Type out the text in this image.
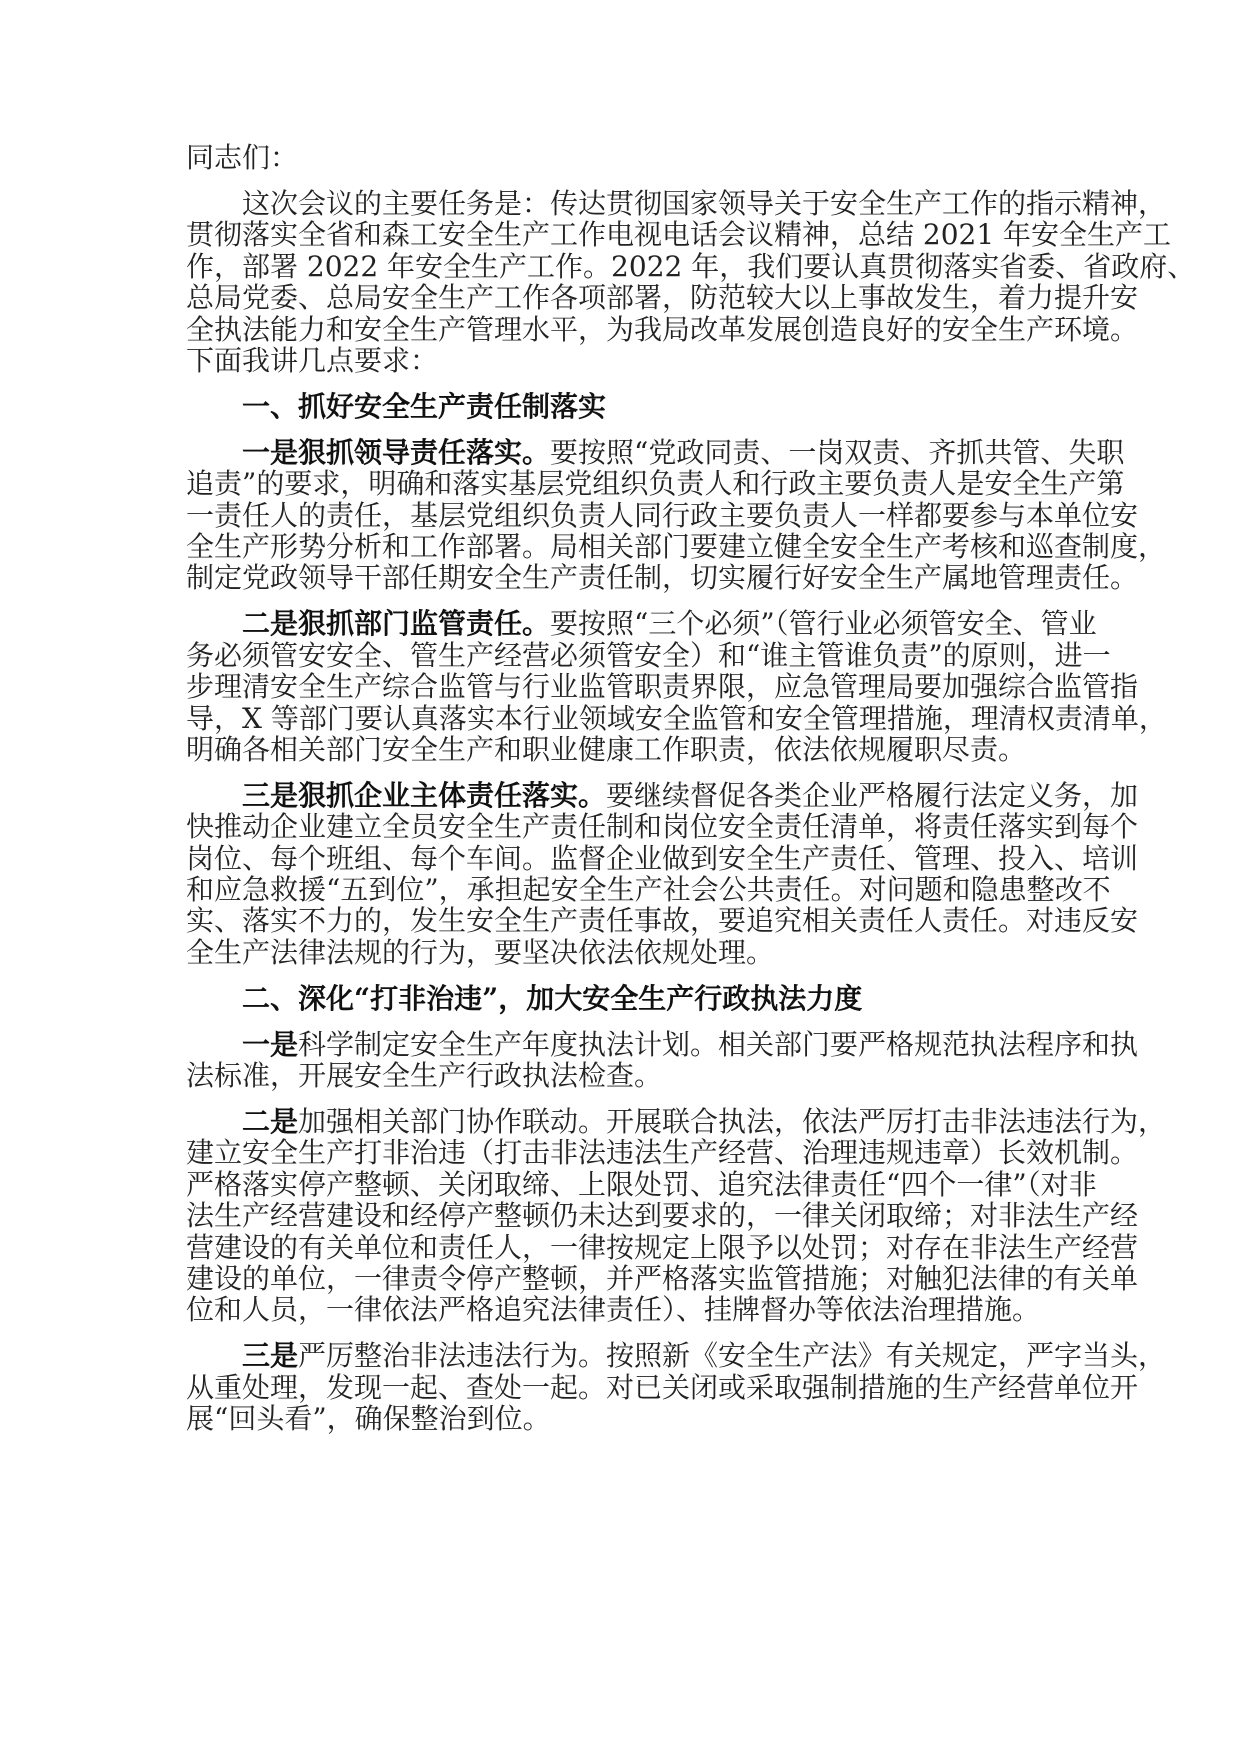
同志们：
这次会议的主要任务是：传达贯彻国家领导关于安全生产工作的指示精神，
贯彻落实全省和森工安全生产工作电视电话会议精神，总结 2021 年安全生产工
作，部署 2022 年安全生产工作。2022 年，我们要认真贯彻落实省委、省政府、
总局党委、总局安全生产工作各项部署，防范较大以上事故发生，着力提升安
全执法能力和安全生产管理水平，为我局改革发展创造良好的安全生产环境。
下面我讲几点要求：
一、抓好安全生产责任制落实
一是狠抓领导责任落实。要按照“党政同责、一岗双责、齐抓共管、失职
追责”的要求，明确和落实基层党组织负责人和行政主要负责人是安全生产第
一责任人的责任，基层党组织负责人同行政主要负责人一样都要参与本单位安
全生产形势分析和工作部署。局相关部门要建立健全安全生产考核和巡查制度，
制定党政领导干部任期安全生产责任制，切实履行好安全生产属地管理责任。
二是狠抓部门监管责任。要按照“三个必须”（管行业必须管安全、管业
务必须管安安全、管生产经营必须管安全）和“谁主管谁负责”的原则，进一
步理清安全生产综合监管与行业监管职责界限，应急管理局要加强综合监管指
导，X 等部门要认真落实本行业领域安全监管和安全管理措施，理清权责清单，
明确各相关部门安全生产和职业健康工作职责，依法依规履职尽责。
三是狠抓企业主体责任落实。要继续督促各类企业严格履行法定义务，加
快推动企业建立全员安全生产责任制和岗位安全责任清单，将责任落实到每个
岗位、每个班组、每个车间。监督企业做到安全生产责任、管理、投入、培训
和应急救援“五到位”，承担起安全生产社会公共责任。对问题和隐患整改不
实、落实不力的，发生安全生产责任事故，要追究相关责任人责任。对违反安
全生产法律法规的行为，要坚决依法依规处理。
二、深化“打非治违”，加大安全生产行政执法力度
一是科学制定安全生产年度执法计划。相关部门要严格规范执法程序和执
法标准，开展安全生产行政执法检查。
二是加强相关部门协作联动。开展联合执法，依法严厉打击非法违法行为，
建立安全生产打非治违（打击非法违法生产经营、治理违规违章）长效机制。
严格落实停产整顿、关闭取缔、上限处罚、追究法律责任“四个一律”（对非
法生产经营建设和经停产整顿仍未达到要求的，一律关闭取缔；对非法生产经
营建设的有关单位和责任人，一律按规定上限予以处罚；对存在非法生产经营
建设的单位，一律责令停产整顿，并严格落实监管措施；对触犯法律的有关单
位和人员，一律依法严格追究法律责任）、挂牌督办等依法治理措施。
三是严厉整治非法违法行为。按照新《安全生产法》有关规定，严字当头，
从重处理，发现一起、查处一起。对已关闭或采取强制措施的生产经营单位开
展“回头看”，确保整治到位。
